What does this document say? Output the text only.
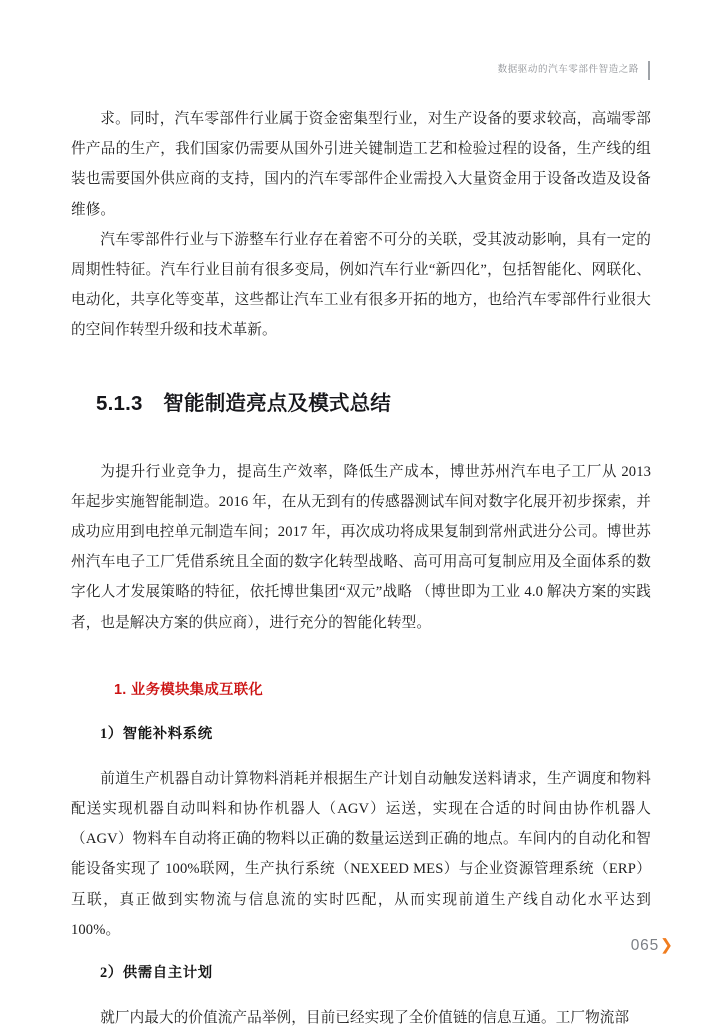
数据驱动的汽车零部件智造之路

求。同时，汽车零部件行业属于资金密集型行业，对生产设备的要求较高，高端零部件产品的生产，我们国家仍需要从国外引进关键制造工艺和检验过程的设备，生产线的组装也需要国外供应商的支持，国内的汽车零部件企业需投入大量资金用于设备改造及设备维修。

汽车零部件行业与下游整车行业存在着密不可分的关联，受其波动影响，具有一定的周期性特征。汽车行业目前有很多变局，例如汽车行业“新四化”，包括智能化、网联化、电动化，共享化等变革，这些都让汽车工业有很多开拓的地方，也给汽车零部件行业很大的空间作转型升级和技术革新。

5.1.3　智能制造亮点及模式总结

为提升行业竞争力，提高生产效率，降低生产成本，博世苏州汽车电子工厂从 2013 年起步实施智能制造。2016 年，在从无到有的传感器测试车间对数字化展开初步探索，并成功应用到电控单元制造车间；2017 年，再次成功将成果复制到常州武进分公司。博世苏州汽车电子工厂凭借系统且全面的数字化转型战略、高可用高可复制应用及全面体系的数字化人才发展策略的特征，依托博世集团“双元”战略 （博世即为工业 4.0 解决方案的实践者，也是解决方案的供应商），进行充分的智能化转型。

1. 业务模块集成互联化
1）智能补料系统

前道生产机器自动计算物料消耗并根据生产计划自动触发送料请求，生产调度和物料配送实现机器自动叫料和协作机器人（AGV）运送，实现在合适的时间由协作机器人（AGV）物料车自动将正确的物料以正确的数量运送到正确的地点。车间内的自动化和智能设备实现了 100%联网，生产执行系统（NEXEED MES）与企业资源管理系统（ERP）互联，真正做到实物流与信息流的实时匹配，从而实现前道生产线自动化水平达到 100%。

2）供需自主计划

就厂内最大的价值流产品举例，目前已经实现了全价值链的信息互通。工厂物流部

065 ❯
